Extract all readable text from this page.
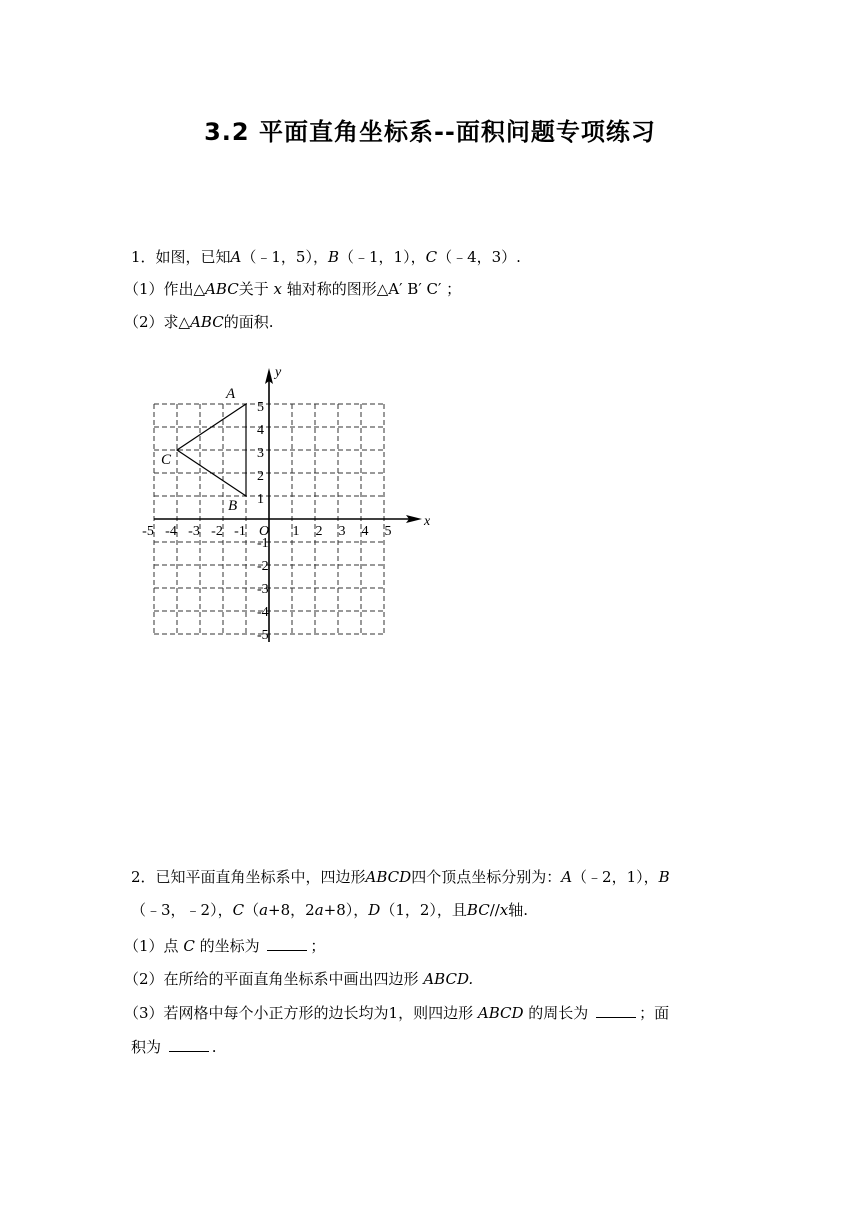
3.2 平面直角坐标系--面积问题专项练习
1．如图，已知A（﹣1，5），B（﹣1，1），C（﹣4，3）.
（1）作出△ABC关于 x 轴对称的图形△A′ B′ C′ ；
（2）求△ABC的面积.
x
y
O
-5 -4 -3 -2 -1	1 2 3 4 5
5
4
3
2
1
-1
-2
-3
-4
-5
A
B
C
2．已知平面直角坐标系中，四边形ABCD四个顶点坐标分别为：A（﹣2，1），B
（﹣3，﹣2），C（a+8，2a+8），D（1，2），且BC//x轴.
（1）点 C 的坐标为	；
（2）在所给的平面直角坐标系中画出四边形 ABCD.
（3）若网格中每个小正方形的边长均为1，则四边形 ABCD 的周长为	；面
积为	.
